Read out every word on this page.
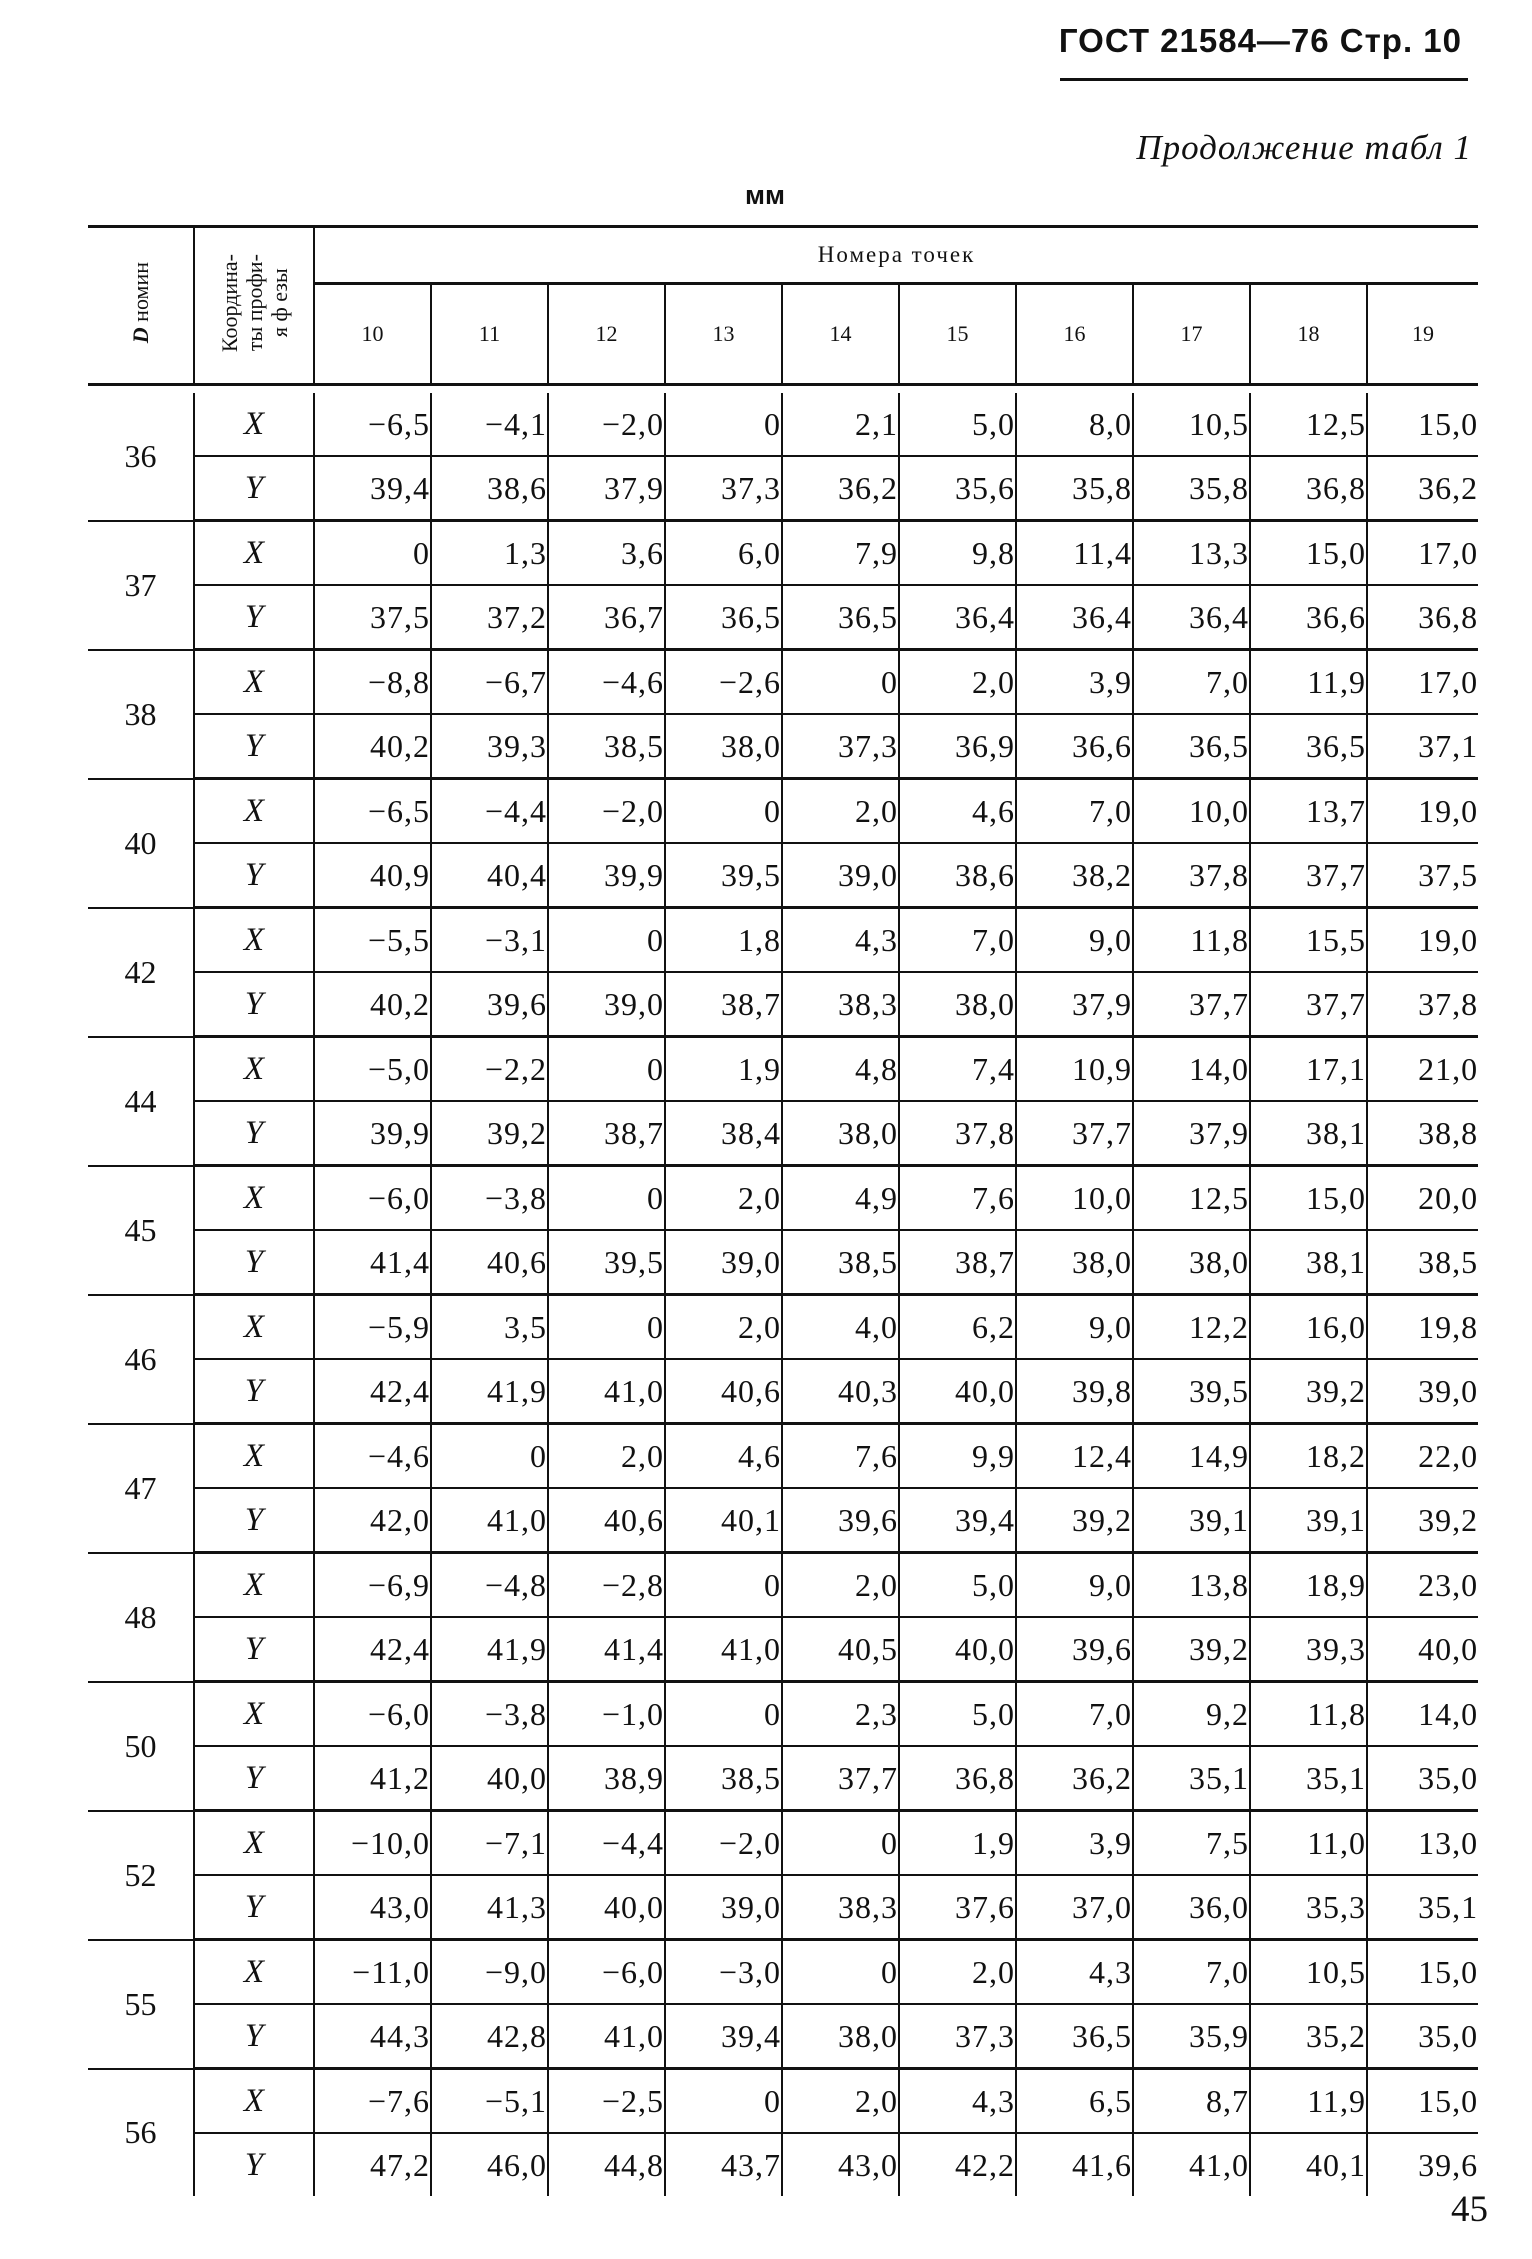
ГОСТ 21584—76 Стр. 10
Продолжение табл 1
мм
D номин	Координа-
ты профи-
я ф езы	Номера точек									
		10	11	12	13	14	15	16	17	18	19

36	X	−6,5	−4,1	−2,0	0	2,1	5,0	8,0	10,5	12,5	15,0
	Y	39,4	38,6	37,9	37,3	36,2	35,6	35,8	35,8	36,8	36,2
37	X	0	1,3	3,6	6,0	7,9	9,8	11,4	13,3	15,0	17,0
	Y	37,5	37,2	36,7	36,5	36,5	36,4	36,4	36,4	36,6	36,8
38	X	−8,8	−6,7	−4,6	−2,6	0	2,0	3,9	7,0	11,9	17,0
	Y	40,2	39,3	38,5	38,0	37,3	36,9	36,6	36,5	36,5	37,1
40	X	−6,5	−4,4	−2,0	0	2,0	4,6	7,0	10,0	13,7	19,0
	Y	40,9	40,4	39,9	39,5	39,0	38,6	38,2	37,8	37,7	37,5
42	X	−5,5	−3,1	0	1,8	4,3	7,0	9,0	11,8	15,5	19,0
	Y	40,2	39,6	39,0	38,7	38,3	38,0	37,9	37,7	37,7	37,8
44	X	−5,0	−2,2	0	1,9	4,8	7,4	10,9	14,0	17,1	21,0
	Y	39,9	39,2	38,7	38,4	38,0	37,8	37,7	37,9	38,1	38,8
45	X	−6,0	−3,8	0	2,0	4,9	7,6	10,0	12,5	15,0	20,0
	Y	41,4	40,6	39,5	39,0	38,5	38,7	38,0	38,0	38,1	38,5
46	X	−5,9	3,5	0	2,0	4,0	6,2	9,0	12,2	16,0	19,8
	Y	42,4	41,9	41,0	40,6	40,3	40,0	39,8	39,5	39,2	39,0
47	X	−4,6	0	2,0	4,6	7,6	9,9	12,4	14,9	18,2	22,0
	Y	42,0	41,0	40,6	40,1	39,6	39,4	39,2	39,1	39,1	39,2
48	X	−6,9	−4,8	−2,8	0	2,0	5,0	9,0	13,8	18,9	23,0
	Y	42,4	41,9	41,4	41,0	40,5	40,0	39,6	39,2	39,3	40,0
50	X	−6,0	−3,8	−1,0	0	2,3	5,0	7,0	9,2	11,8	14,0
	Y	41,2	40,0	38,9	38,5	37,7	36,8	36,2	35,1	35,1	35,0
52	X	−10,0	−7,1	−4,4	−2,0	0	1,9	3,9	7,5	11,0	13,0
	Y	43,0	41,3	40,0	39,0	38,3	37,6	37,0	36,0	35,3	35,1
55	X	−11,0	−9,0	−6,0	−3,0	0	2,0	4,3	7,0	10,5	15,0
	Y	44,3	42,8	41,0	39,4	38,0	37,3	36,5	35,9	35,2	35,0
56	X	−7,6	−5,1	−2,5	0	2,0	4,3	6,5	8,7	11,9	15,0
	Y	47,2	46,0	44,8	43,7	43,0	42,2	41,6	41,0	40,1	39,6
45
